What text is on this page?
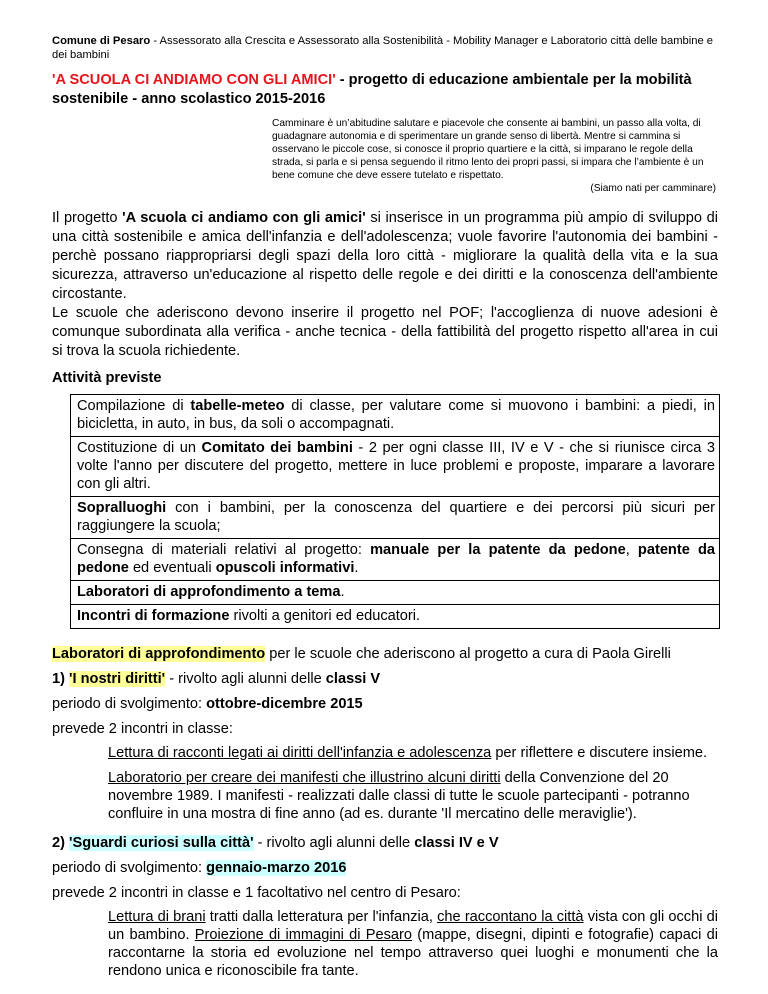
Comune di Pesaro - Assessorato alla Crescita e Assessorato alla Sostenibilità - Mobility Manager e Laboratorio città delle bambine e dei bambini
'A SCUOLA CI ANDIAMO CON GLI AMICI' - progetto di educazione ambientale per la mobilità sostenibile - anno scolastico 2015-2016
Camminare è un’abitudine salutare e piacevole che consente ai bambini, un passo alla volta, di guadagnare autonomia e di sperimentare un grande senso di libertà. Mentre si cammina si osservano le piccole cose, si conosce il proprio quartiere e la città, si imparano le regole della strada, si parla e si pensa seguendo il ritmo lento dei propri passi, si impara che l’ambiente è un bene comune che deve essere tutelato e rispettato.
(Siamo nati per camminare)
Il progetto 'A scuola ci andiamo con gli amici' si inserisce in un programma più ampio di sviluppo di una città sostenibile e amica dell'infanzia e dell'adolescenza; vuole favorire l'autonomia dei bambini - perchè possano riappropriarsi degli spazi della loro città - migliorare la qualità della vita e la sua sicurezza, attraverso un'educazione al rispetto delle regole e dei diritti e la conoscenza dell'ambiente circostante.
Le scuole che aderiscono devono inserire il progetto nel POF; l'accoglienza di nuove adesioni è comunque subordinata alla verifica - anche tecnica - della fattibilità del progetto rispetto all'area in cui si trova la scuola richiedente.
Attività previste
Compilazione di tabelle-meteo di classe, per valutare come si muovono i bambini: a piedi, in bicicletta, in auto, in bus, da soli o accompagnati.
Costituzione di un Comitato dei bambini - 2 per ogni classe III, IV e V - che si riunisce circa 3 volte l'anno per discutere del progetto, mettere in luce problemi e proposte, imparare a lavorare con gli altri.
Sopralluoghi con i bambini, per la conoscenza del quartiere e dei percorsi più sicuri per raggiungere la scuola;
Consegna di materiali relativi al progetto: manuale per la patente da pedone, patente da pedone ed eventuali opuscoli informativi.
Laboratori di approfondimento a tema.
Incontri di formazione rivolti a genitori ed educatori.
Laboratori di approfondimento per le scuole che aderiscono al progetto a cura di Paola Girelli
1) 'I nostri diritti' - rivolto agli alunni delle classi V
periodo di svolgimento: ottobre-dicembre 2015
prevede 2 incontri in classe:
Lettura di racconti legati ai diritti dell'infanzia e adolescenza per riflettere e discutere insieme.
Laboratorio per creare dei manifesti che illustrino alcuni diritti della Convenzione del 20 novembre 1989. I manifesti - realizzati dalle classi di tutte le scuole partecipanti - potranno confluire in una mostra di fine anno (ad es. durante 'Il mercatino delle meraviglie').
2) 'Sguardi curiosi sulla città' - rivolto agli alunni delle classi IV e V
periodo di svolgimento: gennaio-marzo 2016
prevede 2 incontri in classe e 1 facoltativo nel centro di Pesaro:
Lettura di brani tratti dalla letteratura per l'infanzia, che raccontano la città vista con gli occhi di un bambino. Proiezione di immagini di Pesaro (mappe, disegni, dipinti e fotografie) capaci di raccontarne la storia ed evoluzione nel tempo attraverso quei luoghi e monumenti che la rendono unica e riconoscibile fra tante.
